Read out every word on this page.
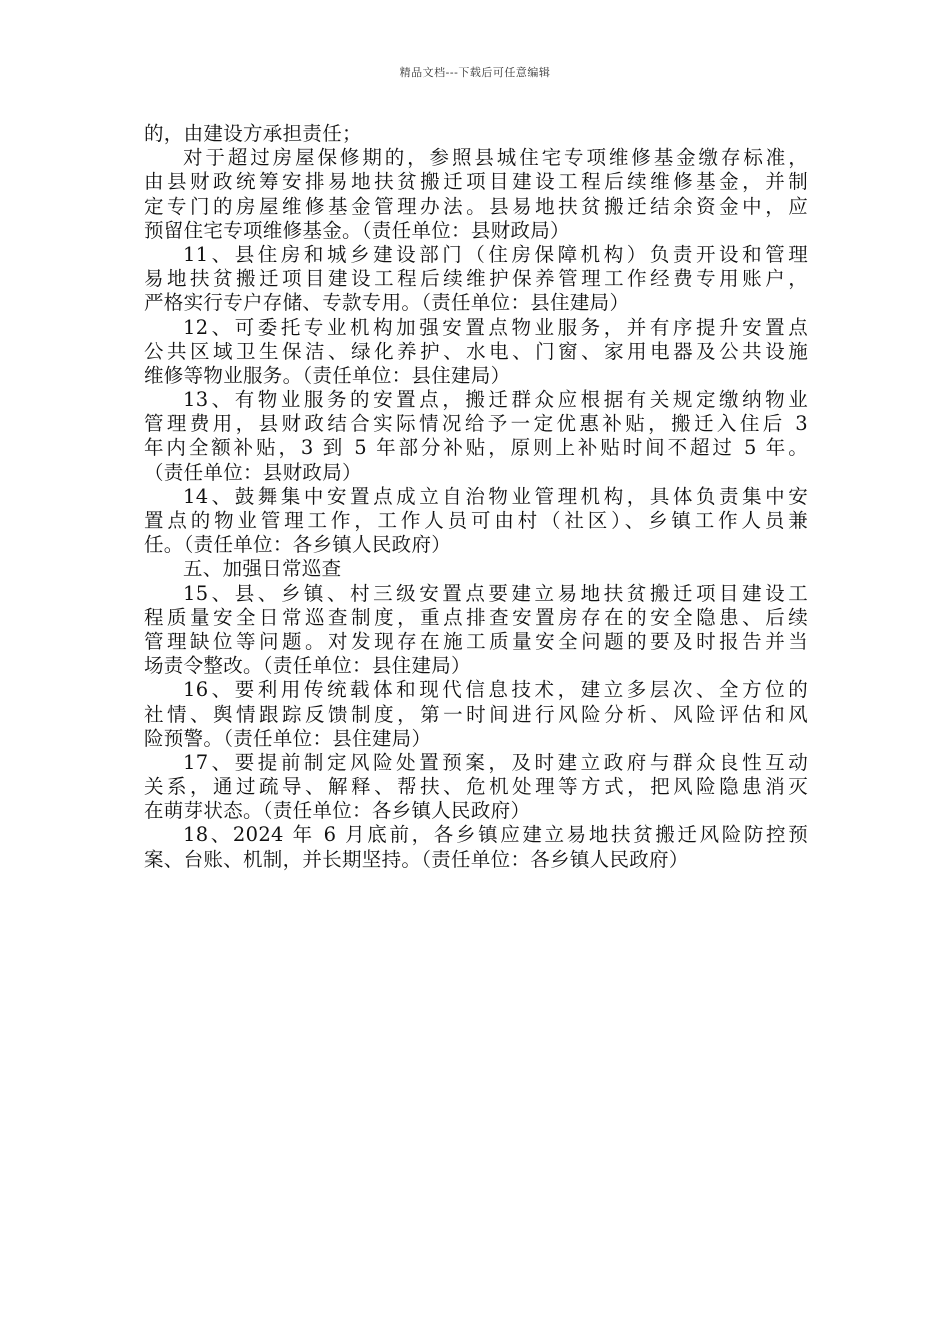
精品文档---下载后可任意编辑
的，由建设方承担责任；
对于超过房屋保修期的，参照县城住宅专项维修基金缴存标准，
由县财政统筹安排易地扶贫搬迁项目建设工程后续维修基金，并制
定专门的房屋维修基金管理办法。县易地扶贫搬迁结余资金中，应
预留住宅专项维修基金。（责任单位：县财政局）
11、县住房和城乡建设部门（住房保障机构）负责开设和管理
易地扶贫搬迁项目建设工程后续维护保养管理工作经费专用账户，
严格实行专户存储、专款专用。（责任单位：县住建局）
12、可委托专业机构加强安置点物业服务，并有序提升安置点
公共区域卫生保洁、绿化养护、水电、门窗、家用电器及公共设施
维修等物业服务。（责任单位：县住建局）
13、有物业服务的安置点，搬迁群众应根据有关规定缴纳物业
管理费用，县财政结合实际情况给予一定优惠补贴，搬迁入住后 3
年内全额补贴，3 到 5 年部分补贴，原则上补贴时间不超过 5 年。
（责任单位：县财政局）
14、鼓舞集中安置点成立自治物业管理机构，具体负责集中安
置点的物业管理工作，工作人员可由村（社区）、乡镇工作人员兼
任。（责任单位：各乡镇人民政府）
五、加强日常巡查
15、县、乡镇、村三级安置点要建立易地扶贫搬迁项目建设工
程质量安全日常巡查制度，重点排查安置房存在的安全隐患、后续
管理缺位等问题。对发现存在施工质量安全问题的要及时报告并当
场责令整改。（责任单位：县住建局）
16、要利用传统载体和现代信息技术，建立多层次、全方位的
社情、舆情跟踪反馈制度，第一时间进行风险分析、风险评估和风
险预警。（责任单位：县住建局）
17、要提前制定风险处置预案，及时建立政府与群众良性互动
关系，通过疏导、解释、帮扶、危机处理等方式，把风险隐患消灭
在萌芽状态。（责任单位：各乡镇人民政府）
18、2024 年 6 月底前，各乡镇应建立易地扶贫搬迁风险防控预
案、台账、机制，并长期坚持。（责任单位：各乡镇人民政府）
